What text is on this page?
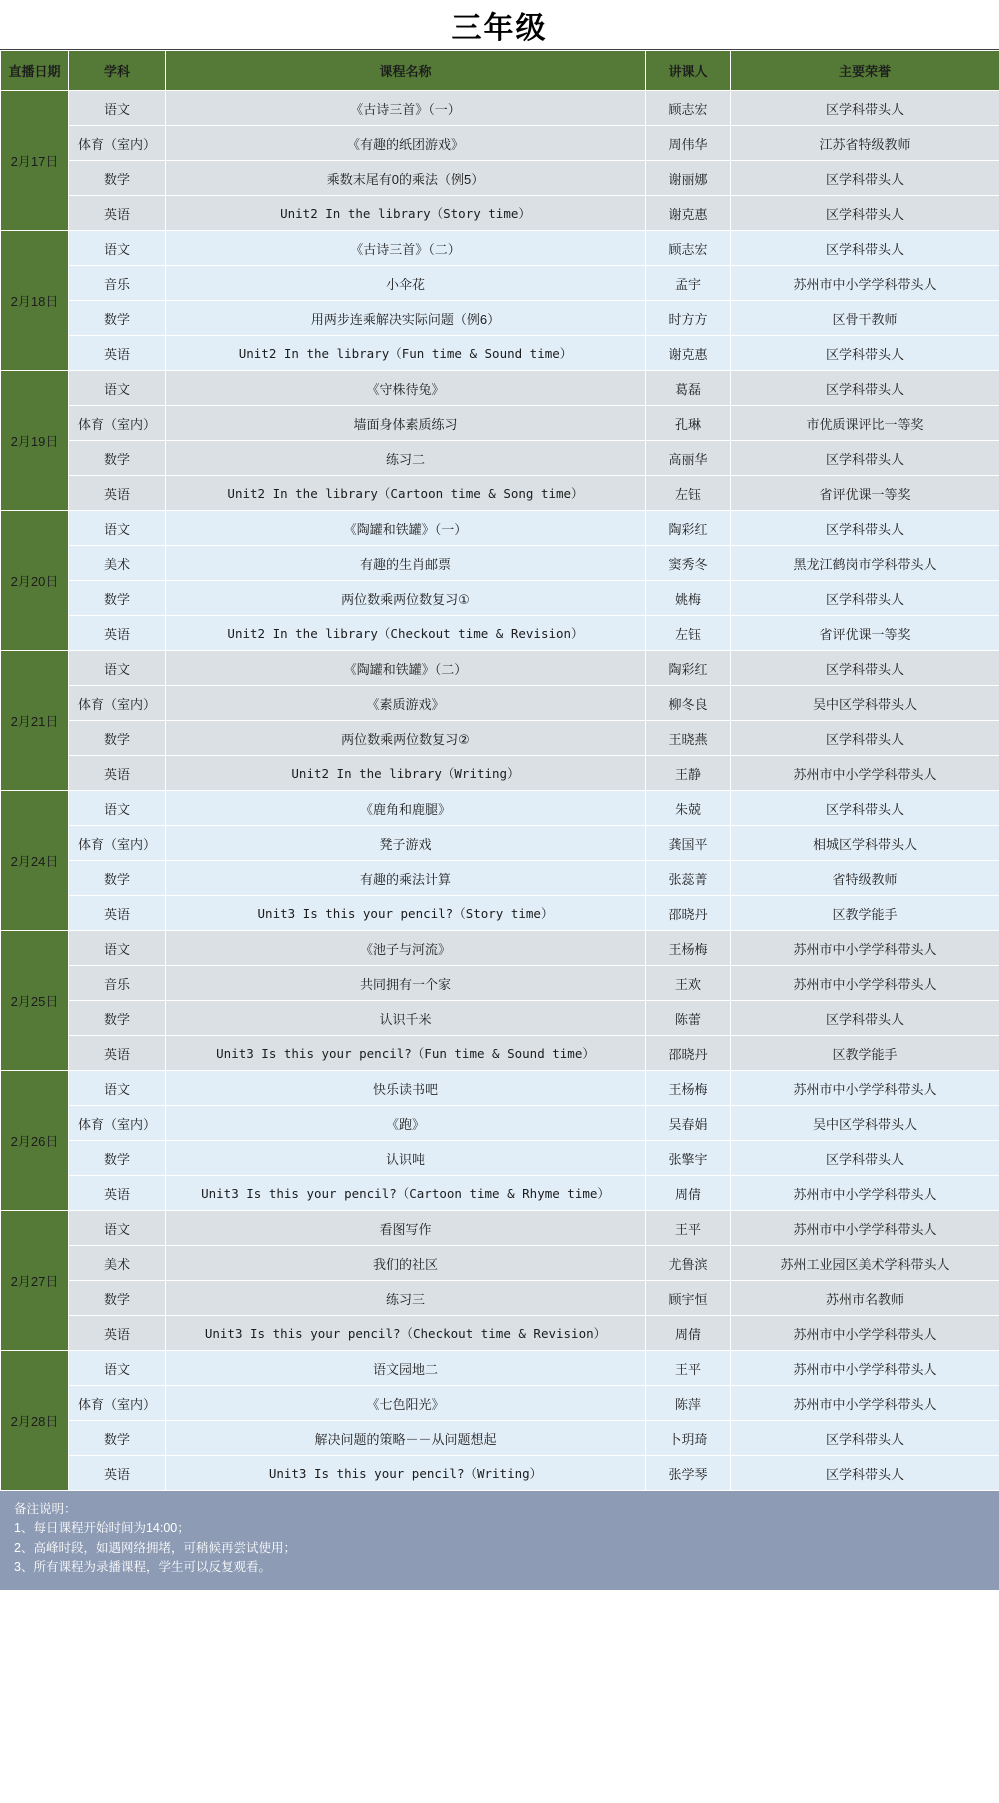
三年级
直播日期	学科	课程名称	讲课人	主要荣誉
2月17日	语文	《古诗三首》（一）	顾志宏	区学科带头人
	体育（室内）	《有趣的纸团游戏》	周伟华	江苏省特级教师
	数学	乘数末尾有0的乘法（例5）	谢丽娜	区学科带头人
	英语	Unit2 In the library（Story time）	谢克惠	区学科带头人
2月18日	语文	《古诗三首》（二）	顾志宏	区学科带头人
	音乐	小伞花	孟宇	苏州市中小学学科带头人
	数学	用两步连乘解决实际问题（例6）	时方方	区骨干教师
	英语	Unit2 In the library（Fun time & Sound time）	谢克惠	区学科带头人
2月19日	语文	《守株待兔》	葛磊	区学科带头人
	体育（室内）	墙面身体素质练习	孔琳	市优质课评比一等奖
	数学	练习二	高丽华	区学科带头人
	英语	Unit2 In the library（Cartoon time & Song time）	左钰	省评优课一等奖
2月20日	语文	《陶罐和铁罐》（一）	陶彩红	区学科带头人
	美术	有趣的生肖邮票	窦秀冬	黑龙江鹤岗市学科带头人
	数学	两位数乘两位数复习①	姚梅	区学科带头人
	英语	Unit2 In the library（Checkout time & Revision）	左钰	省评优课一等奖
2月21日	语文	《陶罐和铁罐》（二）	陶彩红	区学科带头人
	体育（室内）	《素质游戏》	柳冬良	吴中区学科带头人
	数学	两位数乘两位数复习②	王晓燕	区学科带头人
	英语	Unit2 In the library（Writing）	王静	苏州市中小学学科带头人
2月24日	语文	《鹿角和鹿腿》	朱兢	区学科带头人
	体育（室内）	凳子游戏	龚国平	相城区学科带头人
	数学	有趣的乘法计算	张蕊菁	省特级教师
	英语	Unit3 Is this your pencil?（Story time）	邵晓丹	区教学能手
2月25日	语文	《池子与河流》	王杨梅	苏州市中小学学科带头人
	音乐	共同拥有一个家	王欢	苏州市中小学学科带头人
	数学	认识千米	陈蕾	区学科带头人
	英语	Unit3 Is this your pencil?（Fun time & Sound time）	邵晓丹	区教学能手
2月26日	语文	快乐读书吧	王杨梅	苏州市中小学学科带头人
	体育（室内）	《跑》	吴春娟	吴中区学科带头人
	数学	认识吨	张擎宇	区学科带头人
	英语	Unit3 Is this your pencil?（Cartoon time & Rhyme time）	周倩	苏州市中小学学科带头人
2月27日	语文	看图写作	王平	苏州市中小学学科带头人
	美术	我们的社区	尤鲁滨	苏州工业园区美术学科带头人
	数学	练习三	顾宇恒	苏州市名教师
	英语	Unit3 Is this your pencil?（Checkout time & Revision）	周倩	苏州市中小学学科带头人
2月28日	语文	语文园地二	王平	苏州市中小学学科带头人
	体育（室内）	《七色阳光》	陈萍	苏州市中小学学科带头人
	数学	解决问题的策略－－从问题想起	卜玥琦	区学科带头人
	英语	Unit3 Is this your pencil?（Writing）	张学琴	区学科带头人
备注说明：
1、每日课程开始时间为14:00；
2、高峰时段，如遇网络拥堵，可稍候再尝试使用；
3、所有课程为录播课程，学生可以反复观看。
